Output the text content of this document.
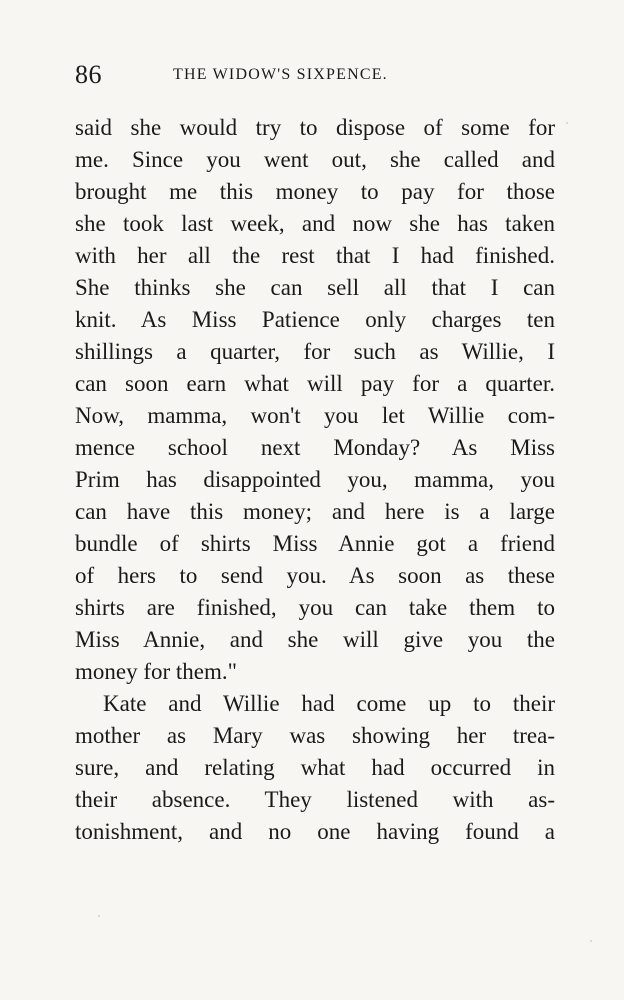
86	THE WIDOW'S SIXPENCE.
said she would try to dispose of some for
me. Since you went out, she called and
brought me this money to pay for those
she took last week, and now she has taken
with her all the rest that I had finished.
She thinks she can sell all that I can
knit. As Miss Patience only charges ten
shillings a quarter, for such as Willie, I
can soon earn what will pay for a quarter.
Now, mamma, won't you let Willie com-
mence school next Monday? As Miss
Prim has disappointed you, mamma, you
can have this money; and here is a large
bundle of shirts Miss Annie got a friend
of hers to send you. As soon as these
shirts are finished, you can take them to
Miss Annie, and she will give you the
money for them."
Kate and Willie had come up to their
mother as Mary was showing her trea-
sure, and relating what had occurred in
their absence. They listened with as-
tonishment, and no one having found a
